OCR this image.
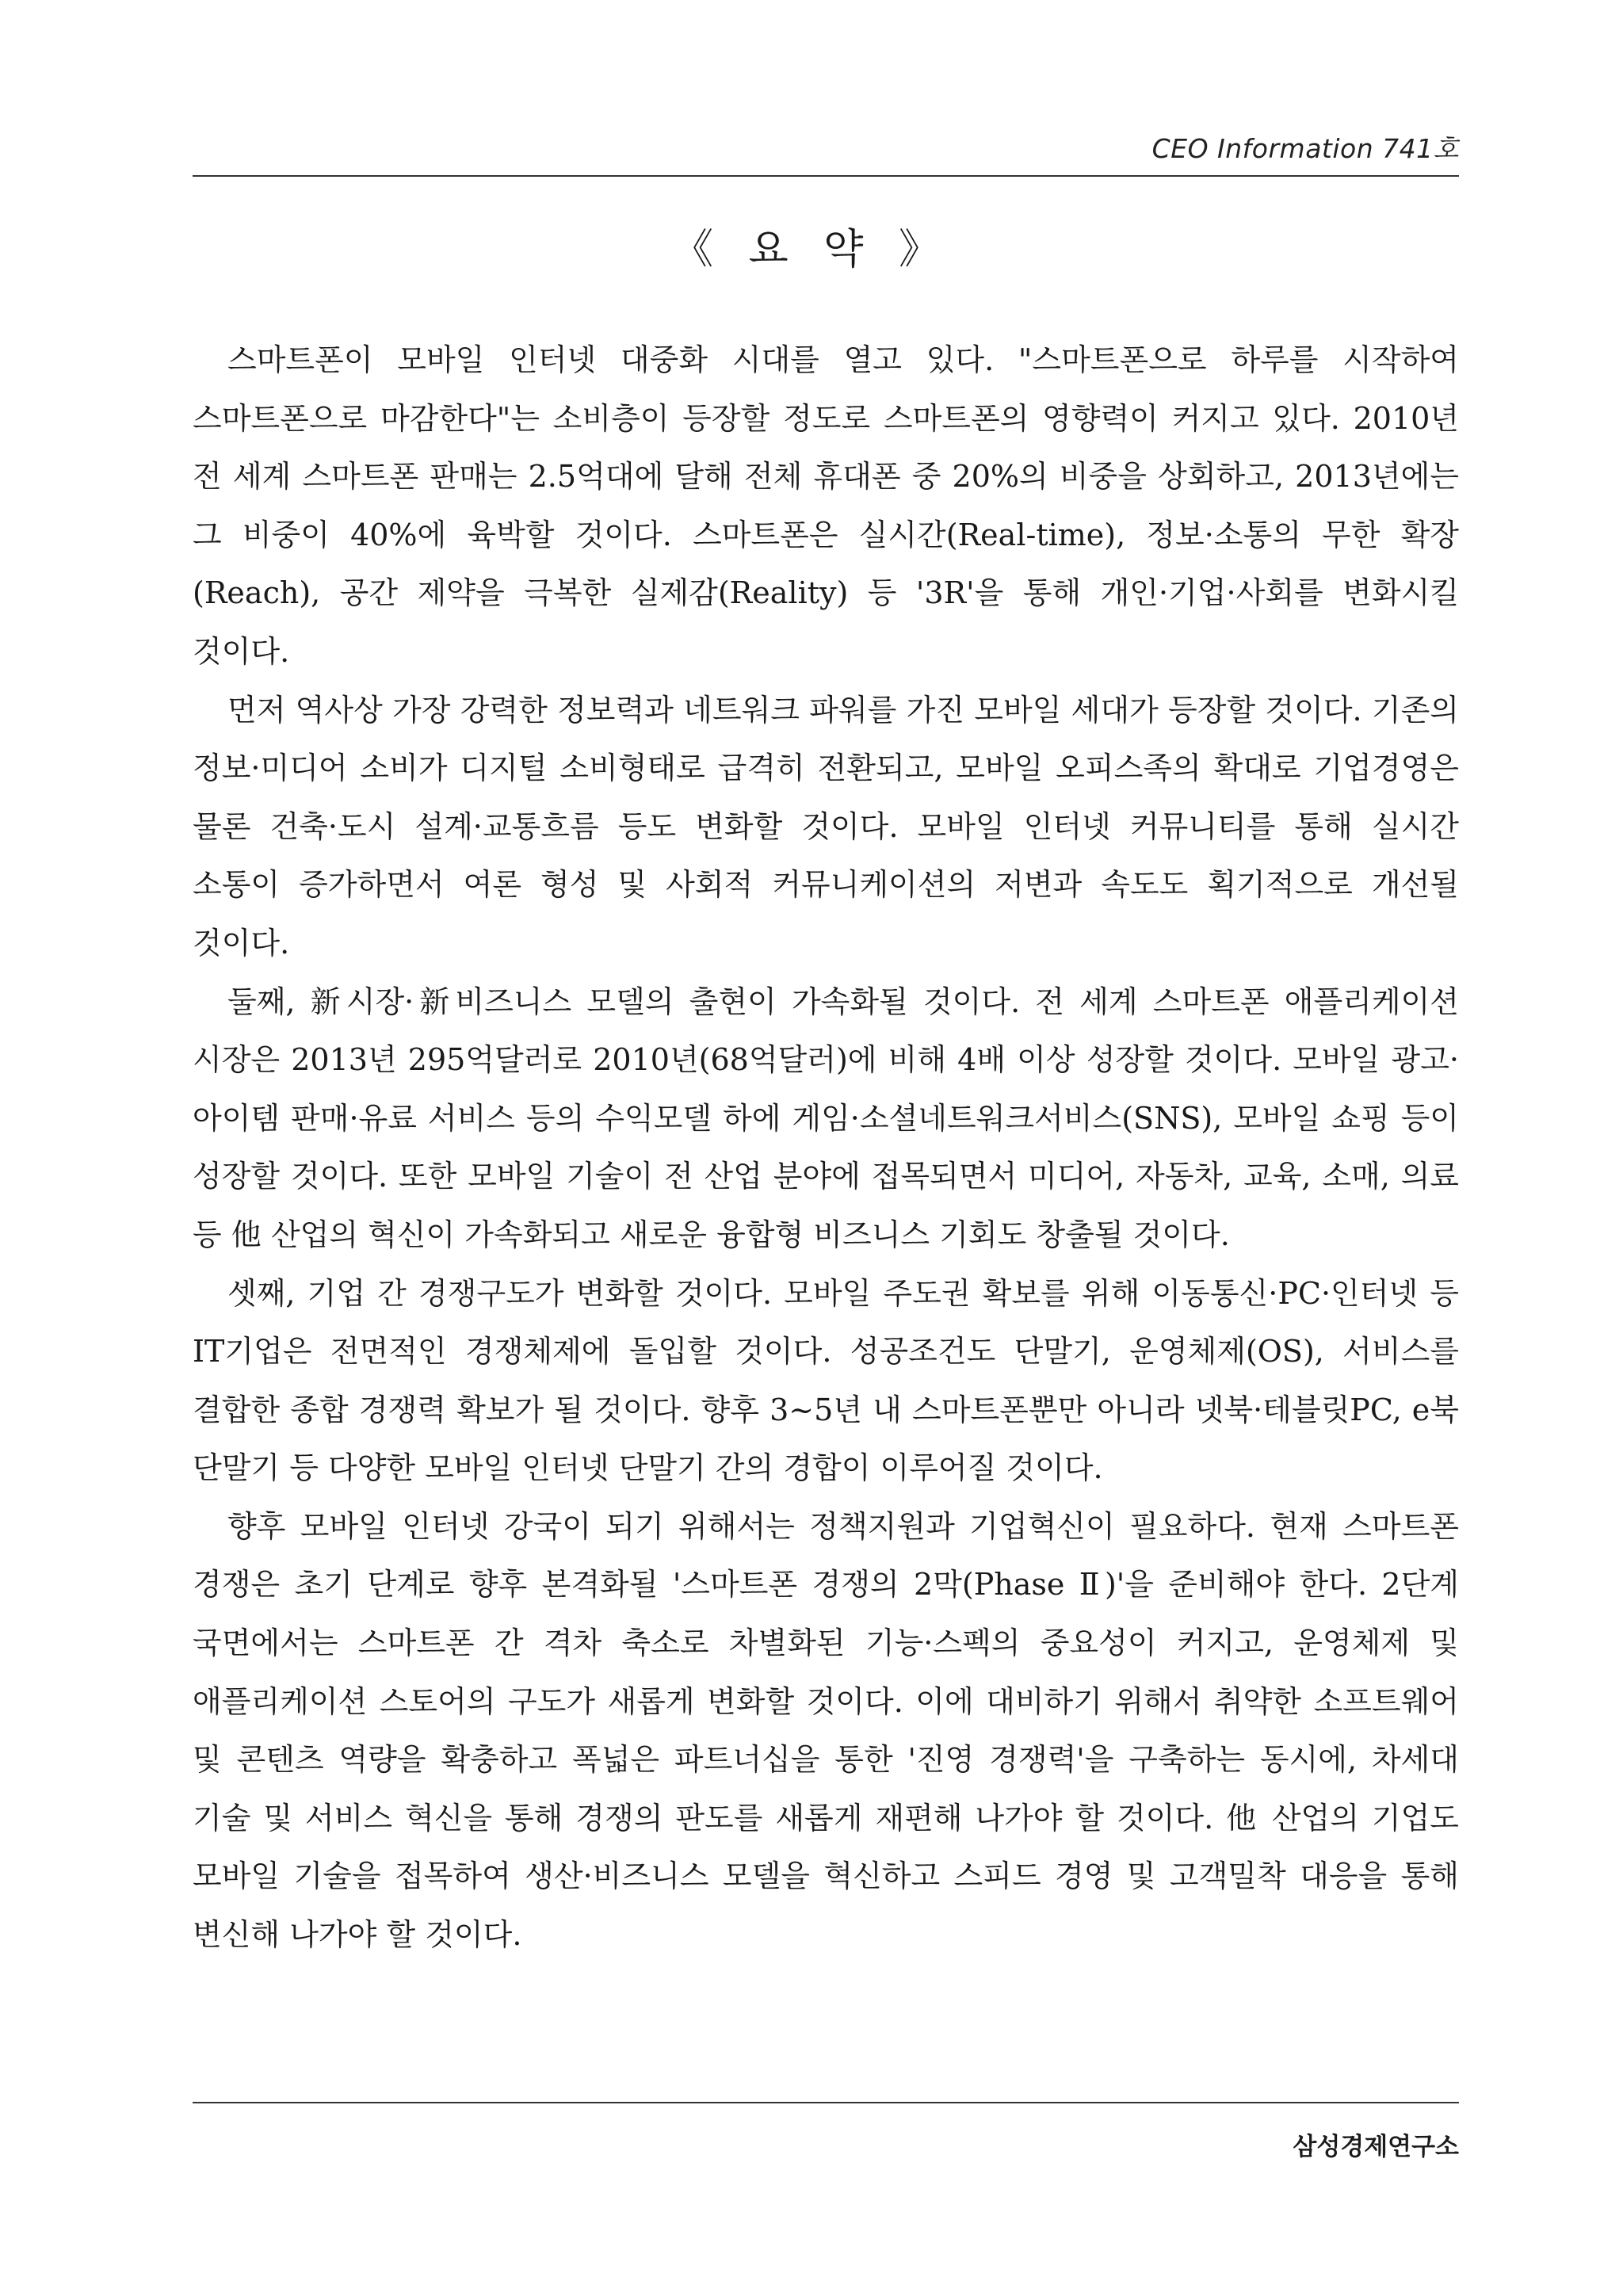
CEO Information 741호
《 요 약 》

스마트폰이 모바일 인터넷 대중화 시대를 열고 있다. "스마트폰으로 하루를 시작하여 스마트폰으로 마감한다"는 소비층이 등장할 정도로 스마트폰의 영향력이 커지고 있다. 2010년 전 세계 스마트폰 판매는 2.5억대에 달해 전체 휴대폰 중 20%의 비중을 상회하고, 2013년에는 그 비중이 40%에 육박할 것이다. 스마트폰은 실시간(Real-time), 정보·소통의 무한 확장(Reach), 공간 제약을 극복한 실제감(Reality) 등 '3R'을 통해 개인·기업·사회를 변화시킬 것이다.

먼저 역사상 가장 강력한 정보력과 네트워크 파워를 가진 모바일 세대가 등장할 것이다. 기존의 정보·미디어 소비가 디지털 소비형태로 급격히 전환되고, 모바일 오피스족의 확대로 기업경영은 물론 건축·도시 설계·교통흐름 등도 변화할 것이다. 모바일 인터넷 커뮤니티를 통해 실시간 소통이 증가하면서 여론 형성 및 사회적 커뮤니케이션의 저변과 속도도 획기적으로 개선될 것이다.

둘째, 新시장·新비즈니스 모델의 출현이 가속화될 것이다. 전 세계 스마트폰 애플리케이션 시장은 2013년 295억달러로 2010년(68억달러)에 비해 4배 이상 성장할 것이다. 모바일 광고·아이템 판매·유료 서비스 등의 수익모델 하에 게임·소셜네트워크서비스(SNS), 모바일 쇼핑 등이 성장할 것이다. 또한 모바일 기술이 전 산업 분야에 접목되면서 미디어, 자동차, 교육, 소매, 의료 등 他 산업의 혁신이 가속화되고 새로운 융합형 비즈니스 기회도 창출될 것이다.

셋째, 기업 간 경쟁구도가 변화할 것이다. 모바일 주도권 확보를 위해 이동통신·PC·인터넷 등 IT기업은 전면적인 경쟁체제에 돌입할 것이다. 성공조건도 단말기, 운영체제(OS), 서비스를 결합한 종합 경쟁력 확보가 될 것이다. 향후 3~5년 내 스마트폰뿐만 아니라 넷북·테블릿PC, e북 단말기 등 다양한 모바일 인터넷 단말기 간의 경합이 이루어질 것이다.

향후 모바일 인터넷 강국이 되기 위해서는 정책지원과 기업혁신이 필요하다. 현재 스마트폰 경쟁은 초기 단계로 향후 본격화될 '스마트폰 경쟁의 2막(Phase Ⅱ)'을 준비해야 한다. 2단계 국면에서는 스마트폰 간 격차 축소로 차별화된 기능·스펙의 중요성이 커지고, 운영체제 및 애플리케이션 스토어의 구도가 새롭게 변화할 것이다. 이에 대비하기 위해서 취약한 소프트웨어 및 콘텐츠 역량을 확충하고 폭넓은 파트너십을 통한 '진영 경쟁력'을 구축하는 동시에, 차세대 기술 및 서비스 혁신을 통해 경쟁의 판도를 새롭게 재편해 나가야 할 것이다. 他 산업의 기업도 모바일 기술을 접목하여 생산·비즈니스 모델을 혁신하고 스피드 경영 및 고객밀착 대응을 통해 변신해 나가야 할 것이다.

삼성경제연구소
